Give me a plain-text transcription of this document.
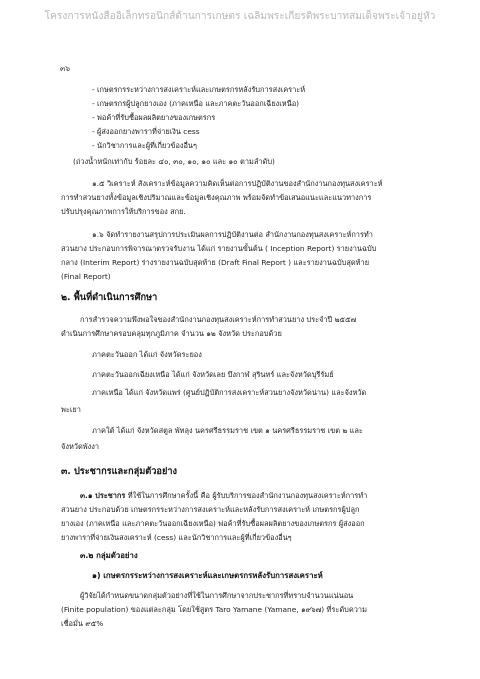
โครงการหนังสืออิเล็กทรอนิกส์ด้านการเกษตร เฉลิมพระเกียรติพระบาทสมเด็จพระเจ้าอยู่หัว
๓๖
- เกษตรกรระหว่างการสงเคราะห์และเกษตรกรหลังรับการสงเคราะห์
- เกษตรกรผู้ปลูกยางเอง (ภาคเหนือ และภาคตะวันออกเฉียงเหนือ)
- พ่อค้าที่รับซื้อผลผลิตยางของเกษตรกร
- ผู้ส่งออกยางพาราที่จ่ายเงิน cess
- นักวิชาการและผู้ที่เกี่ยวข้องอื่นๆ
(ถ่วงน้ำหนักเท่ากับ ร้อยละ ๔๐, ๓๐, ๑๐, ๑๐ และ ๑๐ ตามลำดับ)
๑.๕ วิเคราะห์ สังเคราะห์ข้อมูลความคิดเห็นต่อการปฏิบัติงานของสำนักงานกองทุนสงเคราะห์
การทำสวนยางทั้งข้อมูลเชิงปริมาณและข้อมูลเชิงคุณภาพ พร้อมจัดทำข้อเสนอแนะและแนวทางการ
ปรับปรุงคุณภาพการให้บริการของ สกย.
๑.๖ จัดทำรายงานสรุปการประเมินผลการปฏิบัติงานต่อ สำนักงานกองทุนสงเคราะห์การทำ
สวนยาง ประกอบการพิจารณาตรวจรับงาน ได้แก่ รายงานขั้นต้น ( Inception Report) รายงานฉบับ
กลาง (Interim Report) ร่างรายงานฉบับสุดท้าย (Draft Final Report ) และรายงานฉบับสุดท้าย
(Final Report)
๒. พื้นที่ดำเนินการศึกษา
การสำรวจความพึงพอใจของสำนักงานกองทุนสงเคราะห์การทำสวนยาง ประจำปี ๒๕๕๗
ดำเนินการศึกษาครอบคลุมทุกภูมิภาค จำนวน ๑๒ จังหวัด ประกอบด้วย
ภาคตะวันออก ได้แก่ จังหวัดระยอง
ภาคตะวันออกเฉียงเหนือ ได้แก่ จังหวัดเลย บึงกาฬ สุรินทร์ และจังหวัดบุรีรัมย์
ภาคเหนือ ได้แก่ จังหวัดแพร่ (ศูนย์ปฏิบัติการสงเคราะห์สวนยางจังหวัดน่าน) และจังหวัด
พะเยา
ภาคใต้ ได้แก่ จังหวัดสตูล พัทลุง นครศรีธรรมราช เขต ๑ นครศรีธรรมราช เขต ๒ และ
จังหวัดพังงา
๓. ประชากรและกลุ่มตัวอย่าง
๓.๑ ประชากร ที่ใช้ในการศึกษาครั้งนี้ คือ ผู้รับบริการของสำนักงานกองทุนสงเคราะห์การทำ
สวนยาง ประกอบด้วย เกษตรกรระหว่างการสงเคราะห์และหลังรับการสงเคราะห์ เกษตรกรผู้ปลูก
ยางเอง (ภาคเหนือ และภาคตะวันออกเฉียงเหนือ) พ่อค้าที่รับซื้อผลผลิตยางของเกษตรกร ผู้ส่งออก
ยางพาราที่จ่ายเงินสงเคราะห์ (cess) และนักวิชาการและผู้ที่เกี่ยวข้องอื่นๆ
๓.๒ กลุ่มตัวอย่าง
๑) เกษตรกรระหว่างการสงเคราะห์และเกษตรกรหลังรับการสงเคราะห์
ผู้วิจัยได้กำหนดขนาดกลุ่มตัวอย่างที่ใช้ในการศึกษาจากประชากรที่ทราบจำนวนแน่นอน
(Finite population) ของแต่ละกลุ่ม โดยใช้สูตร Taro Yamane (Yamane, ๑๙๖๗) ที่ระดับความ
เชื่อมั่น ๙๕%
